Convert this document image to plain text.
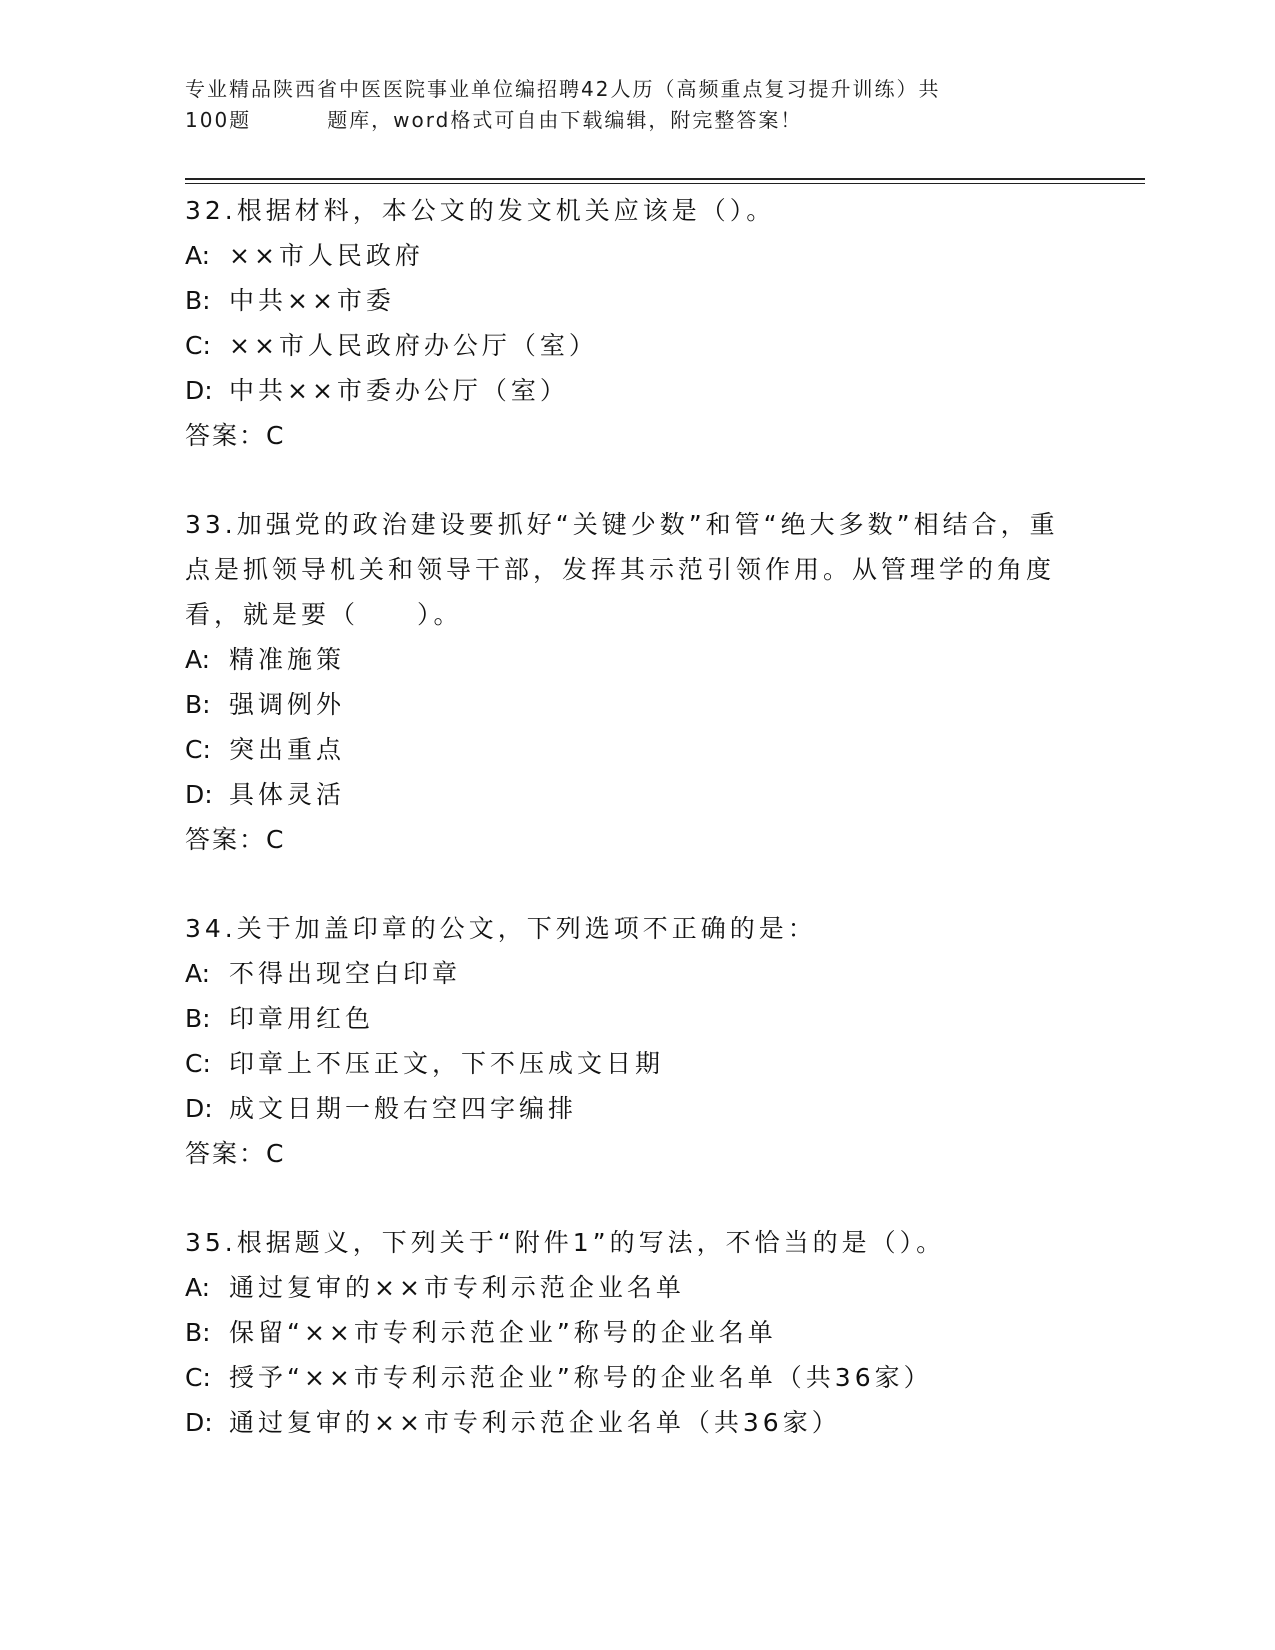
专业精品陕西省中医医院事业单位编招聘42人历（高频重点复习提升训练）共

100题	题库，word格式可自由下载编辑，附完整答案！

32.根据材料，本公文的发文机关应该是（）。

A: ××市人民政府

B: 中共××市委

C: ××市人民政府办公厅（室）

D: 中共××市委办公厅（室）

答案：C

33.加强党的政治建设要抓好“关键少数”和管“绝大多数”相结合，重点是抓领导机关和领导干部，发挥其示范引领作用。从管理学的角度看，就是要（　　）。

A: 精准施策

B: 强调例外

C: 突出重点

D: 具体灵活

答案：C

34.关于加盖印章的公文，下列选项不正确的是：

A: 不得出现空白印章

B: 印章用红色

C: 印章上不压正文，下不压成文日期

D: 成文日期一般右空四字编排

答案：C

35.根据题义，下列关于“附件1”的写法，不恰当的是（）。

A: 通过复审的××市专利示范企业名单

B: 保留“××市专利示范企业”称号的企业名单

C: 授予“××市专利示范企业”称号的企业名单（共36家）

D: 通过复审的××市专利示范企业名单（共36家）
